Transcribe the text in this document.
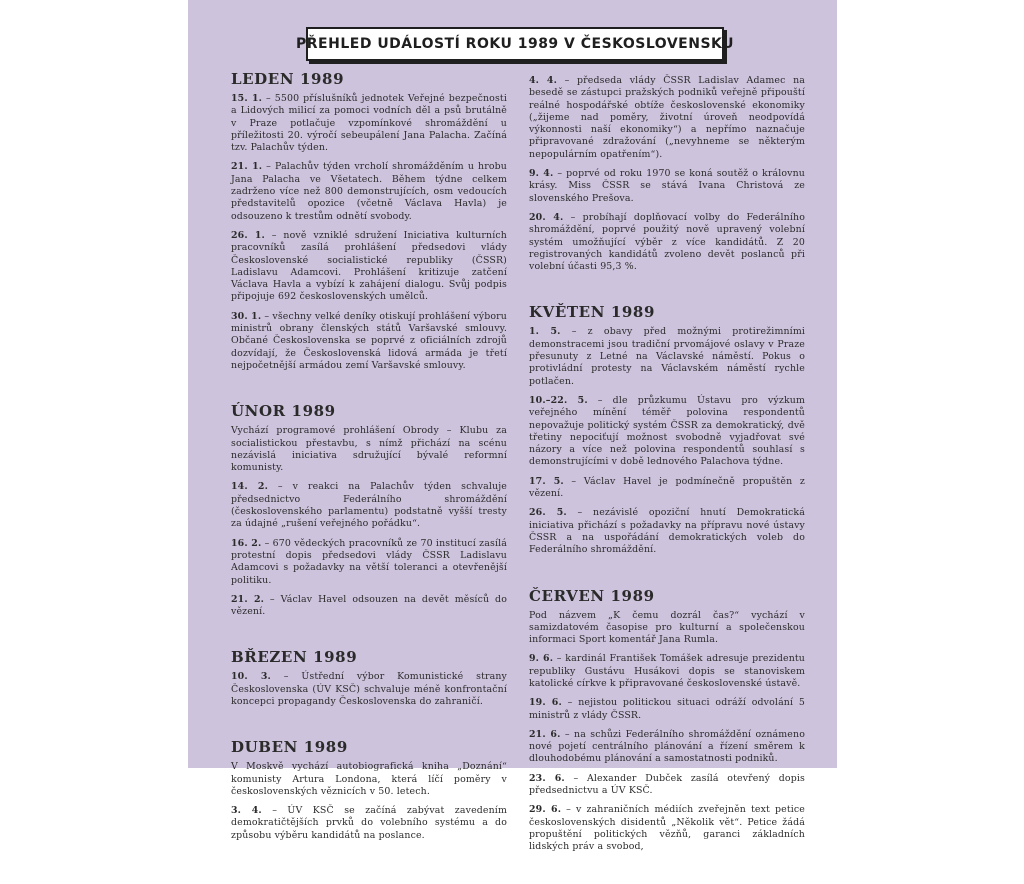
PŘEHLED UDÁLOSTÍ ROKU 1989 V ČESKOSLOVENSKU
LEDEN 1989

15. 1. – 5500 příslušníků jednotek Veřejné bezpečnosti a Lidových milicí za pomoci vodních děl a psů brutálně v Praze potlačuje vzpomínkové shromáždění u příležitosti 20. výročí sebeupálení Jana Palacha. Začíná tzv. Palachův týden.

21. 1. – Palachův týden vrcholí shromážděním u hrobu Jana Palacha ve Všetatech. Během týdne celkem zadrženo více než 800 demonstrujících, osm vedoucích představitelů opozice (včetně Václava Havla) je odsouzeno k trestům odnětí svobody.

26. 1. – nově vzniklé sdružení Iniciativa kulturních pracovníků zasílá prohlášení předsedovi vlády Československé socialistické republiky (ČSSR) Ladislavu Adamcovi. Prohlášení kritizuje zatčení Václava Havla a vybízí k zahájení dialogu. Svůj podpis připojuje 692 československých umělců.

30. 1. – všechny velké deníky otiskují prohlášení výboru ministrů obrany členských států Varšavské smlouvy. Občané Československa se poprvé z oficiálních zdrojů dozvídají, že Československá lidová armáda je třetí nejpočetnější armádou zemí Varšavské smlouvy.

ÚNOR 1989

Vychází programové prohlášení Obrody – Klubu za socialistickou přestavbu, s nímž přichází na scénu nezávislá iniciativa sdružující bývalé reformní komunisty.

14. 2. – v reakci na Palachův týden schvaluje předsednictvo Federálního shromáždění (československého parlamentu) podstatně vyšší tresty za údajné „rušení veřejného pořádku“.

16. 2. – 670 vědeckých pracovníků ze 70 institucí zasílá protestní dopis předsedovi vlády ČSSR Ladislavu Adamcovi s požadavky na větší toleranci a otevřenější politiku.

21. 2. – Václav Havel odsouzen na devět měsíců do vězení.

BŘEZEN 1989

10. 3. – Ústřední výbor Komunistické strany Československa (ÚV KSČ) schvaluje méně konfrontační koncepci propagandy Československa do zahraničí.

DUBEN 1989

V Moskvě vychází autobiografická kniha „Doznání“ komunisty Artura Londona, která líčí poměry v československých věznicích v 50. letech.

3. 4. – ÚV KSČ se začíná zabývat zavedením demokratičtějších prvků do volebního systému a do způsobu výběru kandidátů na poslance.

4. 4. – předseda vlády ČSSR Ladislav Adamec na besedě se zástupci pražských podniků veřejně připouští reálné hospodářské obtíže československé ekonomiky („žijeme nad poměry, životní úroveň neodpovídá výkonnosti naší ekonomiky“) a nepřímo naznačuje připravované zdražování („nevyhneme se některým nepopulárním opatřením“).

9. 4. – poprvé od roku 1970 se koná soutěž o královnu krásy. Miss ČSSR se stává Ivana Christová ze slovenského Prešova.

20. 4. – probíhají doplňovací volby do Federálního shromáždění, poprvé použitý nově upravený volební systém umožňující výběr z více kandidátů. Z 20 registrovaných kandidátů zvoleno devět poslanců při volební účasti 95,3 %.

KVĚTEN 1989

1. 5. – z obavy před možnými protirežimními demonstracemi jsou tradiční prvomájové oslavy v Praze přesunuty z Letné na Václavské náměstí. Pokus o protivládní protesty na Václavském náměstí rychle potlačen.

10.–22. 5. – dle průzkumu Ústavu pro výzkum veřejného mínění téměř polovina respondentů nepovažuje politický systém ČSSR za demokratický, dvě třetiny nepociťují možnost svobodně vyjadřovat své názory a více než polovina respondentů souhlasí s demonstrujícími v době lednového Palachova týdne.

17. 5. – Václav Havel je podmínečně propuštěn z vězení.

26. 5. – nezávislé opoziční hnutí Demokratická iniciativa přichází s požadavky na přípravu nové ústavy ČSSR a na uspořádání demokratických voleb do Federálního shromáždění.

ČERVEN 1989

Pod názvem „K čemu dozrál čas?“ vychází v samizdatovém časopise pro kulturní a společenskou informaci Sport komentář Jana Rumla.

9. 6. – kardinál František Tomášek adresuje prezidentu republiky Gustávu Husákovi dopis se stanoviskem katolické církve k připravované československé ústavě.

19. 6. – nejistou politickou situaci odráží odvolání 5 ministrů z vlády ČSSR.

21. 6. – na schůzi Federálního shromáždění oznámeno nové pojetí centrálního plánování a řízení směrem k dlouhodobému plánování a samostatnosti podniků.

23. 6. – Alexander Dubček zasílá otevřený dopis předsednictvu a ÚV KSČ.

29. 6. – v zahraničních médiích zveřejněn text petice československých disidentů „Několik vět“. Petice žádá propuštění politických vězňů, garanci základních lidských práv a svobod,
